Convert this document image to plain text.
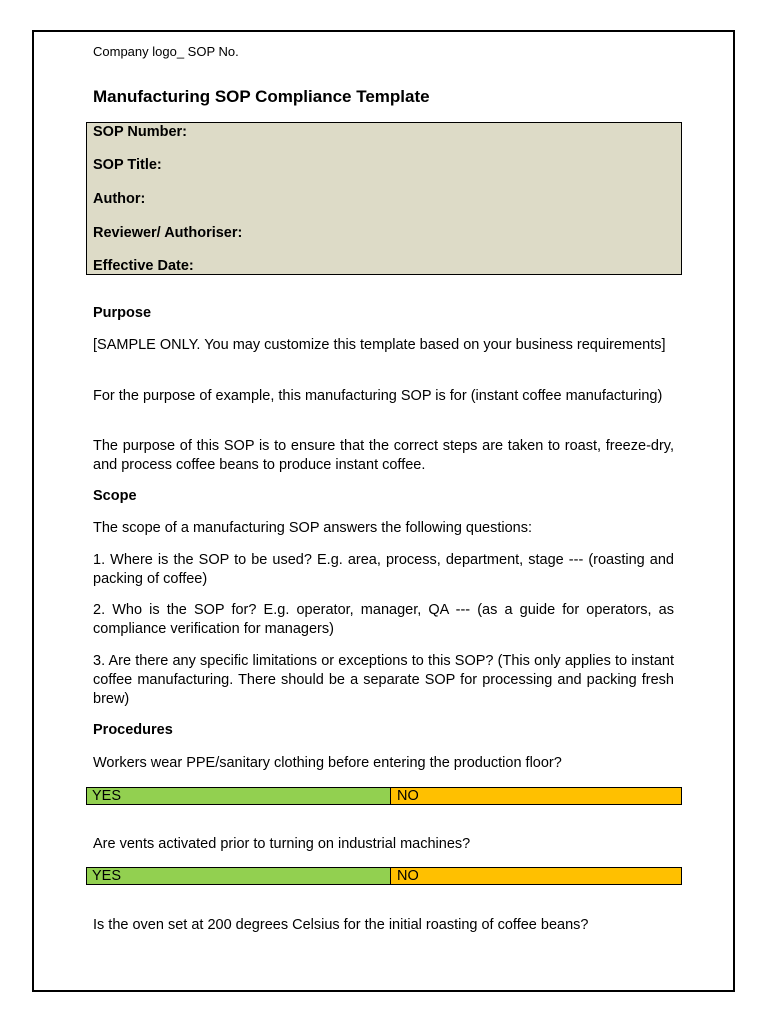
Company logo_ SOP No.
Manufacturing SOP Compliance Template
SOP Number:
SOP Title:
Author:
Reviewer/ Authoriser:
Effective Date:
Purpose
[SAMPLE ONLY. You may customize this template based on your business requirements]
For the purpose of example, this manufacturing SOP is for (instant coffee manufacturing)
The purpose of this SOP is to ensure that the correct steps are taken to roast, freeze-dry, and process coffee beans to produce instant coffee.
Scope
The scope of a manufacturing SOP answers the following questions:
1. Where is the SOP to be used? E.g. area, process, department, stage --- (roasting and packing of coffee)
2. Who is the SOP for? E.g. operator, manager, QA --- (as a guide for operators, as compliance verification for managers)
3. Are there any specific limitations or exceptions to this SOP? (This only applies to instant coffee manufacturing. There should be a separate SOP for processing and packing fresh brew)
Procedures
Workers wear PPE/sanitary clothing before entering the production floor?
YES	NO
Are vents activated prior to turning on industrial machines?
YES	NO
Is the oven set at 200 degrees Celsius for the initial roasting of coffee beans?
